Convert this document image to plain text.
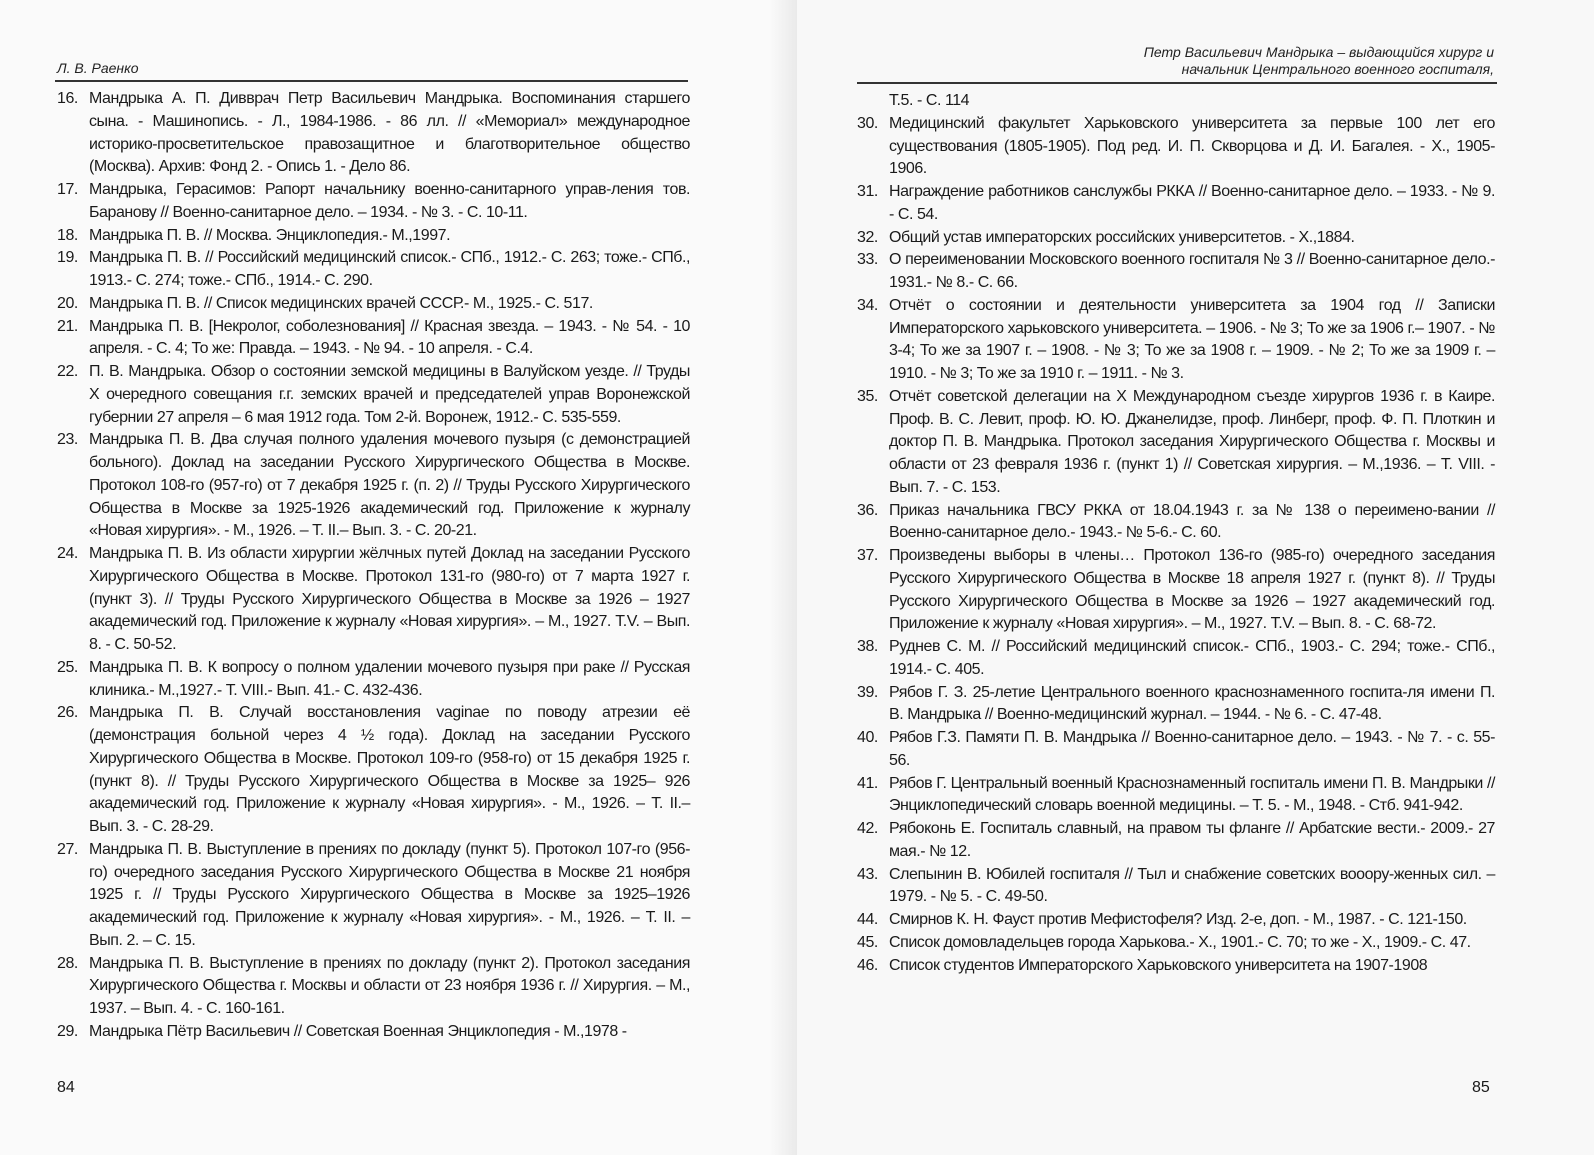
Л. В. Раенко
16. Мандрыка А. П. Дивврач Петр Васильевич Мандрыка. Воспоминания старшего сына. - Машинопись. - Л., 1984-1986. - 86 лл. // «Мемориал» международное историко-просветительское правозащитное и благотворительное общество (Москва). Архив: Фонд 2. - Опись 1. - Дело 86.
17. Мандрыка, Герасимов: Рапорт начальнику военно-санитарного управ-ления тов. Баранову // Военно-санитарное дело. – 1934. - № 3. - С. 10-11.
18. Мандрыка П. В. // Москва. Энциклопедия.- М.,1997.
19. Мандрыка П. В. // Российский медицинский список.- СПб., 1912.- С. 263; тоже.- СПб., 1913.- С. 274; тоже.- СПб., 1914.- С. 290.
20. Мандрыка П. В. // Список медицинских врачей СССР.- М., 1925.- С. 517.
21. Мандрыка П. В. [Некролог, соболезнования] // Красная звезда. – 1943. - № 54. - 10 апреля. - С. 4; То же: Правда. – 1943. - № 94. - 10 апреля. - С.4.
22. П. В. Мандрыка. Обзор о состоянии земской медицины в Валуйском уезде. // Труды X очередного совещания г.г. земских врачей и председателей управ Воронежской губернии 27 апреля – 6 мая 1912 года. Том 2-й. Воронеж, 1912.- С. 535-559.
23. Мандрыка П. В. Два случая полного удаления мочевого пузыря (с демонстрацией больного). Доклад на заседании Русского Хирургического Общества в Москве. Протокол 108-го (957-го) от 7 декабря 1925 г. (п. 2) // Труды Русского Хирургического Общества в Москве за 1925-1926 академический год. Приложение к журналу «Новая хирургия». - М., 1926. – Т. II.– Вып. 3. - С. 20-21.
24. Мандрыка П. В. Из области хирургии жёлчных путей Доклад на заседании Русского Хирургического Общества в Москве. Протокол 131-го (980-го) от 7 марта 1927 г. (пункт 3). // Труды Русского Хирургического Общества в Москве за 1926 – 1927 академический год. Приложение к журналу «Новая хирургия». – М., 1927. T.V. – Вып. 8. - С. 50-52.
25. Мандрыка П. В. К вопросу о полном удалении мочевого пузыря при раке // Русская клиника.- М.,1927.- Т. VIII.- Вып. 41.- С. 432-436.
26. Мандрыка П. В. Случай восстановления vaginae по поводу атрезии её (демонстрация больной через 4 ½ года). Доклад на заседании Русского Хирургического Общества в Москве. Протокол 109-го (958-го) от 15 декабря 1925 г. (пункт 8). // Труды Русского Хирургического Общества в Москве за 1925– 926 академический год. Приложение к журналу «Новая хирургия». - М., 1926. – Т. II.– Вып. 3. - С. 28-29.
27. Мандрыка П. В. Выступление в прениях по докладу (пункт 5). Протокол 107-го (956-го) очередного заседания Русского Хирургического Общества в Москве 21 ноября 1925 г. // Труды Русского Хирургического Общества в Москве за 1925–1926 академический год. Приложение к журналу «Новая хирургия». - М., 1926. – Т. II. – Вып. 2. – С. 15.
28. Мандрыка П. В. Выступление в прениях по докладу (пункт 2). Протокол заседания Хирургического Общества г. Москвы и области от 23 ноября 1936 г. // Хирургия. – М., 1937. – Вып. 4. - С. 160-161.
29. Мандрыка Пётр Васильевич // Советская Военная Энциклопедия - М.,1978 -
84
Петр Васильевич Мандрыка – выдающийся хирург и
начальник Центрального военного госпиталя,
Т.5. - С. 114
30. Медицинский факультет Харьковского университета за первые 100 лет его существования (1805-1905). Под ред. И. П. Скворцова и Д. И. Багалея. - Х., 1905-1906.
31. Награждение работников санслужбы РККА // Военно-санитарное дело. – 1933. - № 9. - С. 54.
32. Общий устав императорских российских университетов. - Х.,1884.
33. О переименовании Московского военного госпиталя № 3 // Военно-санитарное дело.- 1931.- № 8.- С. 66.
34. Отчёт о состоянии и деятельности университета за 1904 год // Записки Императорского харьковского университета. – 1906. - № 3; То же за 1906 г.– 1907. - № 3-4; То же за 1907 г. – 1908. - № 3; То же за 1908 г. – 1909. - № 2; То же за 1909 г. – 1910. - № 3; То же за 1910 г. – 1911. - № 3.
35. Отчёт советской делегации на X Международном съезде хирургов 1936 г. в Каире. Проф. В. С. Левит, проф. Ю. Ю. Джанелидзе, проф. Линберг, проф. Ф. П. Плоткин и доктор П. В. Мандрыка. Протокол заседания Хирургического Общества г. Москвы и области от 23 февраля 1936 г. (пункт 1) // Советская хирургия. – М.,1936. – Т. VIII. - Вып. 7. - С. 153.
36. Приказ начальника ГВСУ РККА от 18.04.1943 г. за № 138 о переимено-вании // Военно-санитарное дело.- 1943.- № 5-6.- С. 60.
37. Произведены выборы в члены… Протокол 136-го (985-го) очередного заседания Русского Хирургического Общества в Москве 18 апреля 1927 г. (пункт 8). // Труды Русского Хирургического Общества в Москве за 1926 – 1927 академический год. Приложение к журналу «Новая хирургия». – М., 1927. T.V. – Вып. 8. - С. 68-72.
38. Руднев С. М. // Российский медицинский список.- СПб., 1903.- С. 294; тоже.- СПб., 1914.- С. 405.
39. Рябов Г. З. 25-летие Центрального военного краснознаменного госпита-ля имени П. В. Мандрыка // Военно-медицинский журнал. – 1944. - № 6. - С. 47-48.
40. Рябов Г.З. Памяти П. В. Мандрыка // Военно-санитарное дело. – 1943. - № 7. - с. 55-56.
41. Рябов Г. Центральный военный Краснознаменный госпиталь имени П. В. Мандрыки // Энциклопедический словарь военной медицины. – Т. 5. - М., 1948. - Стб. 941-942.
42. Рябоконь Е. Госпиталь славный, на правом ты фланге // Арбатские вести.- 2009.- 27 мая.- № 12.
43. Слепынин В. Юбилей госпиталя // Тыл и снабжение советских вооору-женных сил. – 1979. - № 5. - С. 49-50.
44. Смирнов К. Н. Фауст против Мефистофеля? Изд. 2-е, доп. - М., 1987. - С. 121-150.
45. Список домовладельцев города Харькова.- Х., 1901.- С. 70; то же - Х., 1909.- С. 47.
46. Список студентов Императорского Харьковского университета на 1907-1908
85
